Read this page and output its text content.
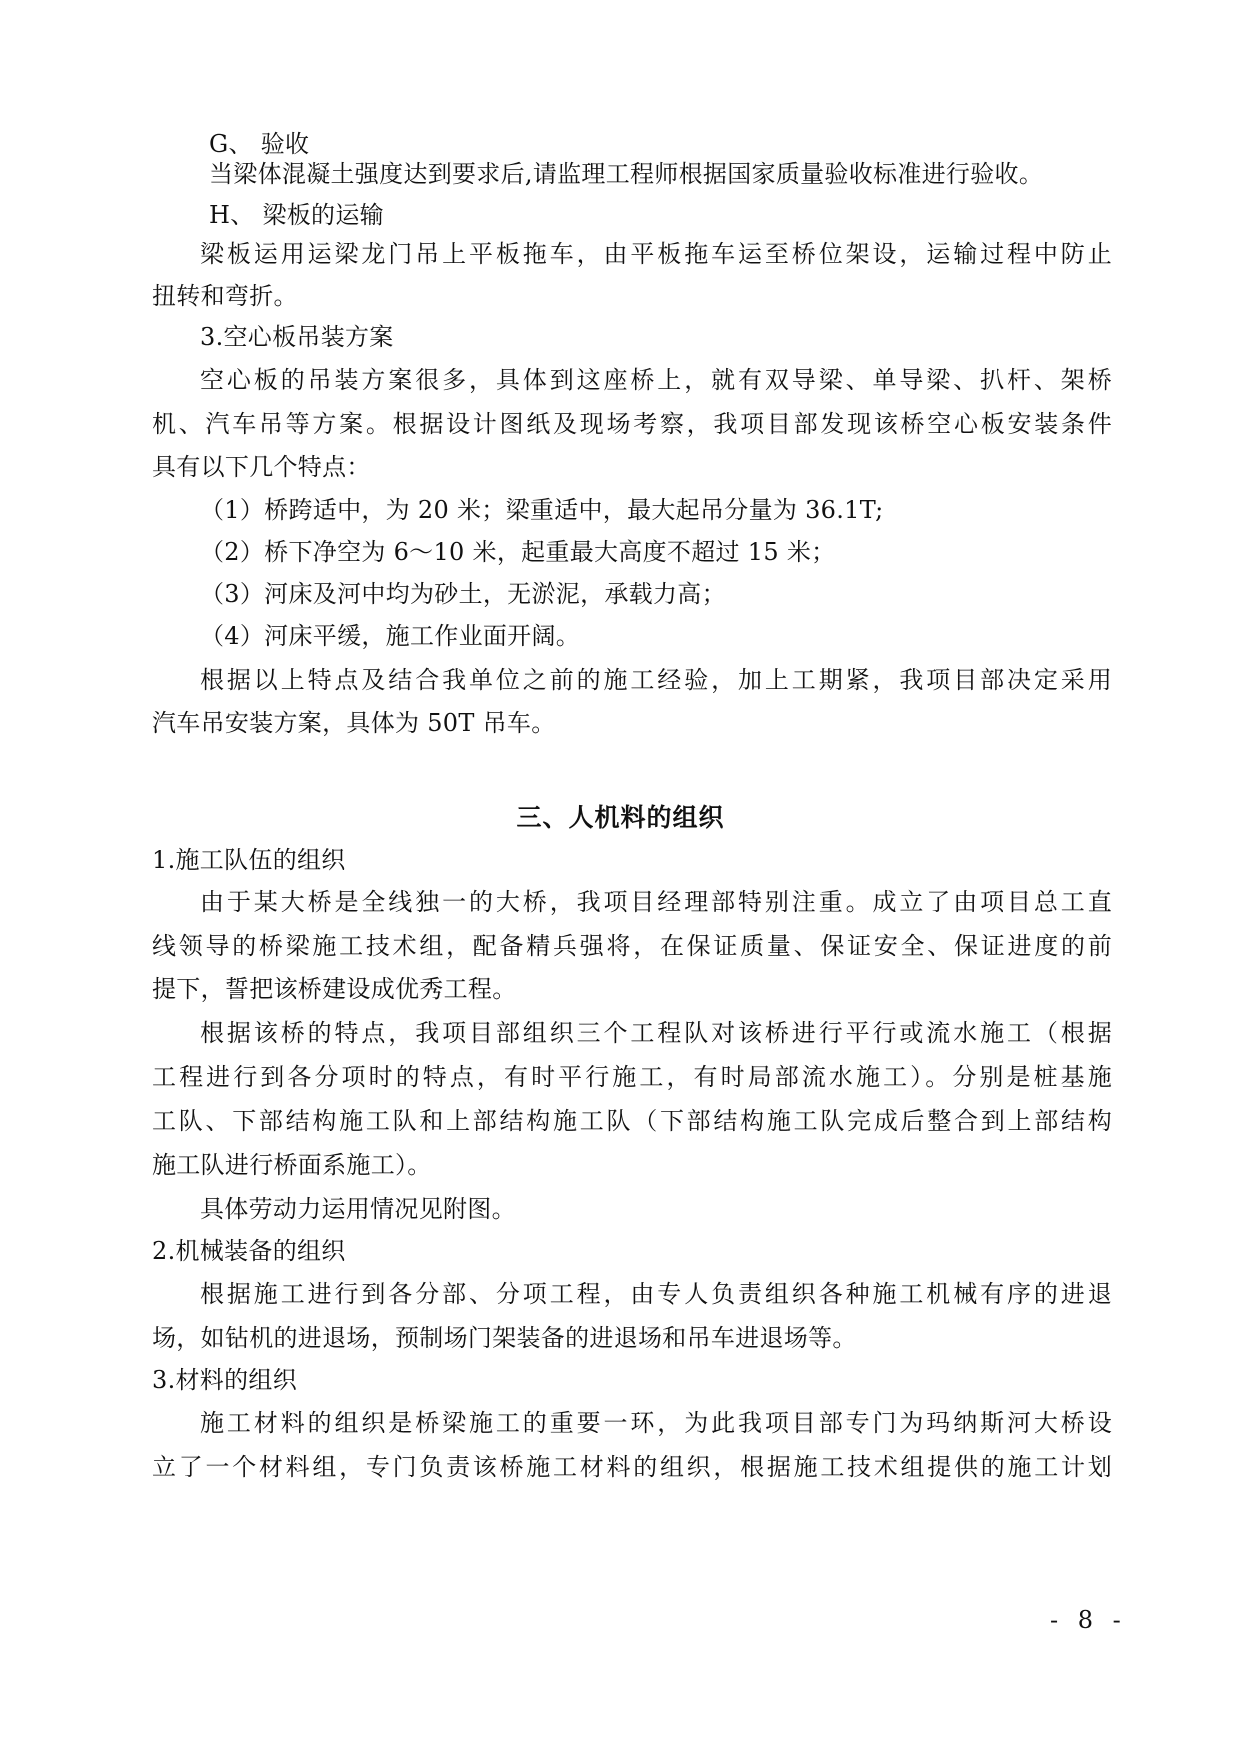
G、 验收
当梁体混凝土强度达到要求后,请监理工程师根据国家质量验收标准进行验收。
H、 梁板的运输
梁板运用运梁龙门吊上平板拖车，由平板拖车运至桥位架设，运输过程中防止
扭转和弯折。
3.空心板吊装方案
空心板的吊装方案很多，具体到这座桥上，就有双导梁、单导梁、扒杆、架桥
机、汽车吊等方案。根据设计图纸及现场考察，我项目部发现该桥空心板安装条件
具有以下几个特点：
（1）桥跨适中，为 20 米；梁重适中，最大起吊分量为 36.1T;
（2）桥下净空为 6～10 米，起重最大高度不超过 15 米；
（3）河床及河中均为砂土，无淤泥，承载力高；
（4）河床平缓，施工作业面开阔。
根据以上特点及结合我单位之前的施工经验，加上工期紧，我项目部决定采用
汽车吊安装方案，具体为 50T 吊车。
三、人机料的组织
1.施工队伍的组织
由于某大桥是全线独一的大桥，我项目经理部特别注重。成立了由项目总工直
线领导的桥梁施工技术组，配备精兵强将，在保证质量、保证安全、保证进度的前
提下，誓把该桥建设成优秀工程。
根据该桥的特点，我项目部组织三个工程队对该桥进行平行或流水施工（根据
工程进行到各分项时的特点，有时平行施工，有时局部流水施工）。分别是桩基施
工队、下部结构施工队和上部结构施工队（下部结构施工队完成后整合到上部结构
施工队进行桥面系施工）。
具体劳动力运用情况见附图。
2.机械装备的组织
根据施工进行到各分部、分项工程，由专人负责组织各种施工机械有序的进退
场，如钻机的进退场，预制场门架装备的进退场和吊车进退场等。
3.材料的组织
施工材料的组织是桥梁施工的重要一环，为此我项目部专门为玛纳斯河大桥设
立了一个材料组，专门负责该桥施工材料的组织，根据施工技术组提供的施工计划
- 8 -
